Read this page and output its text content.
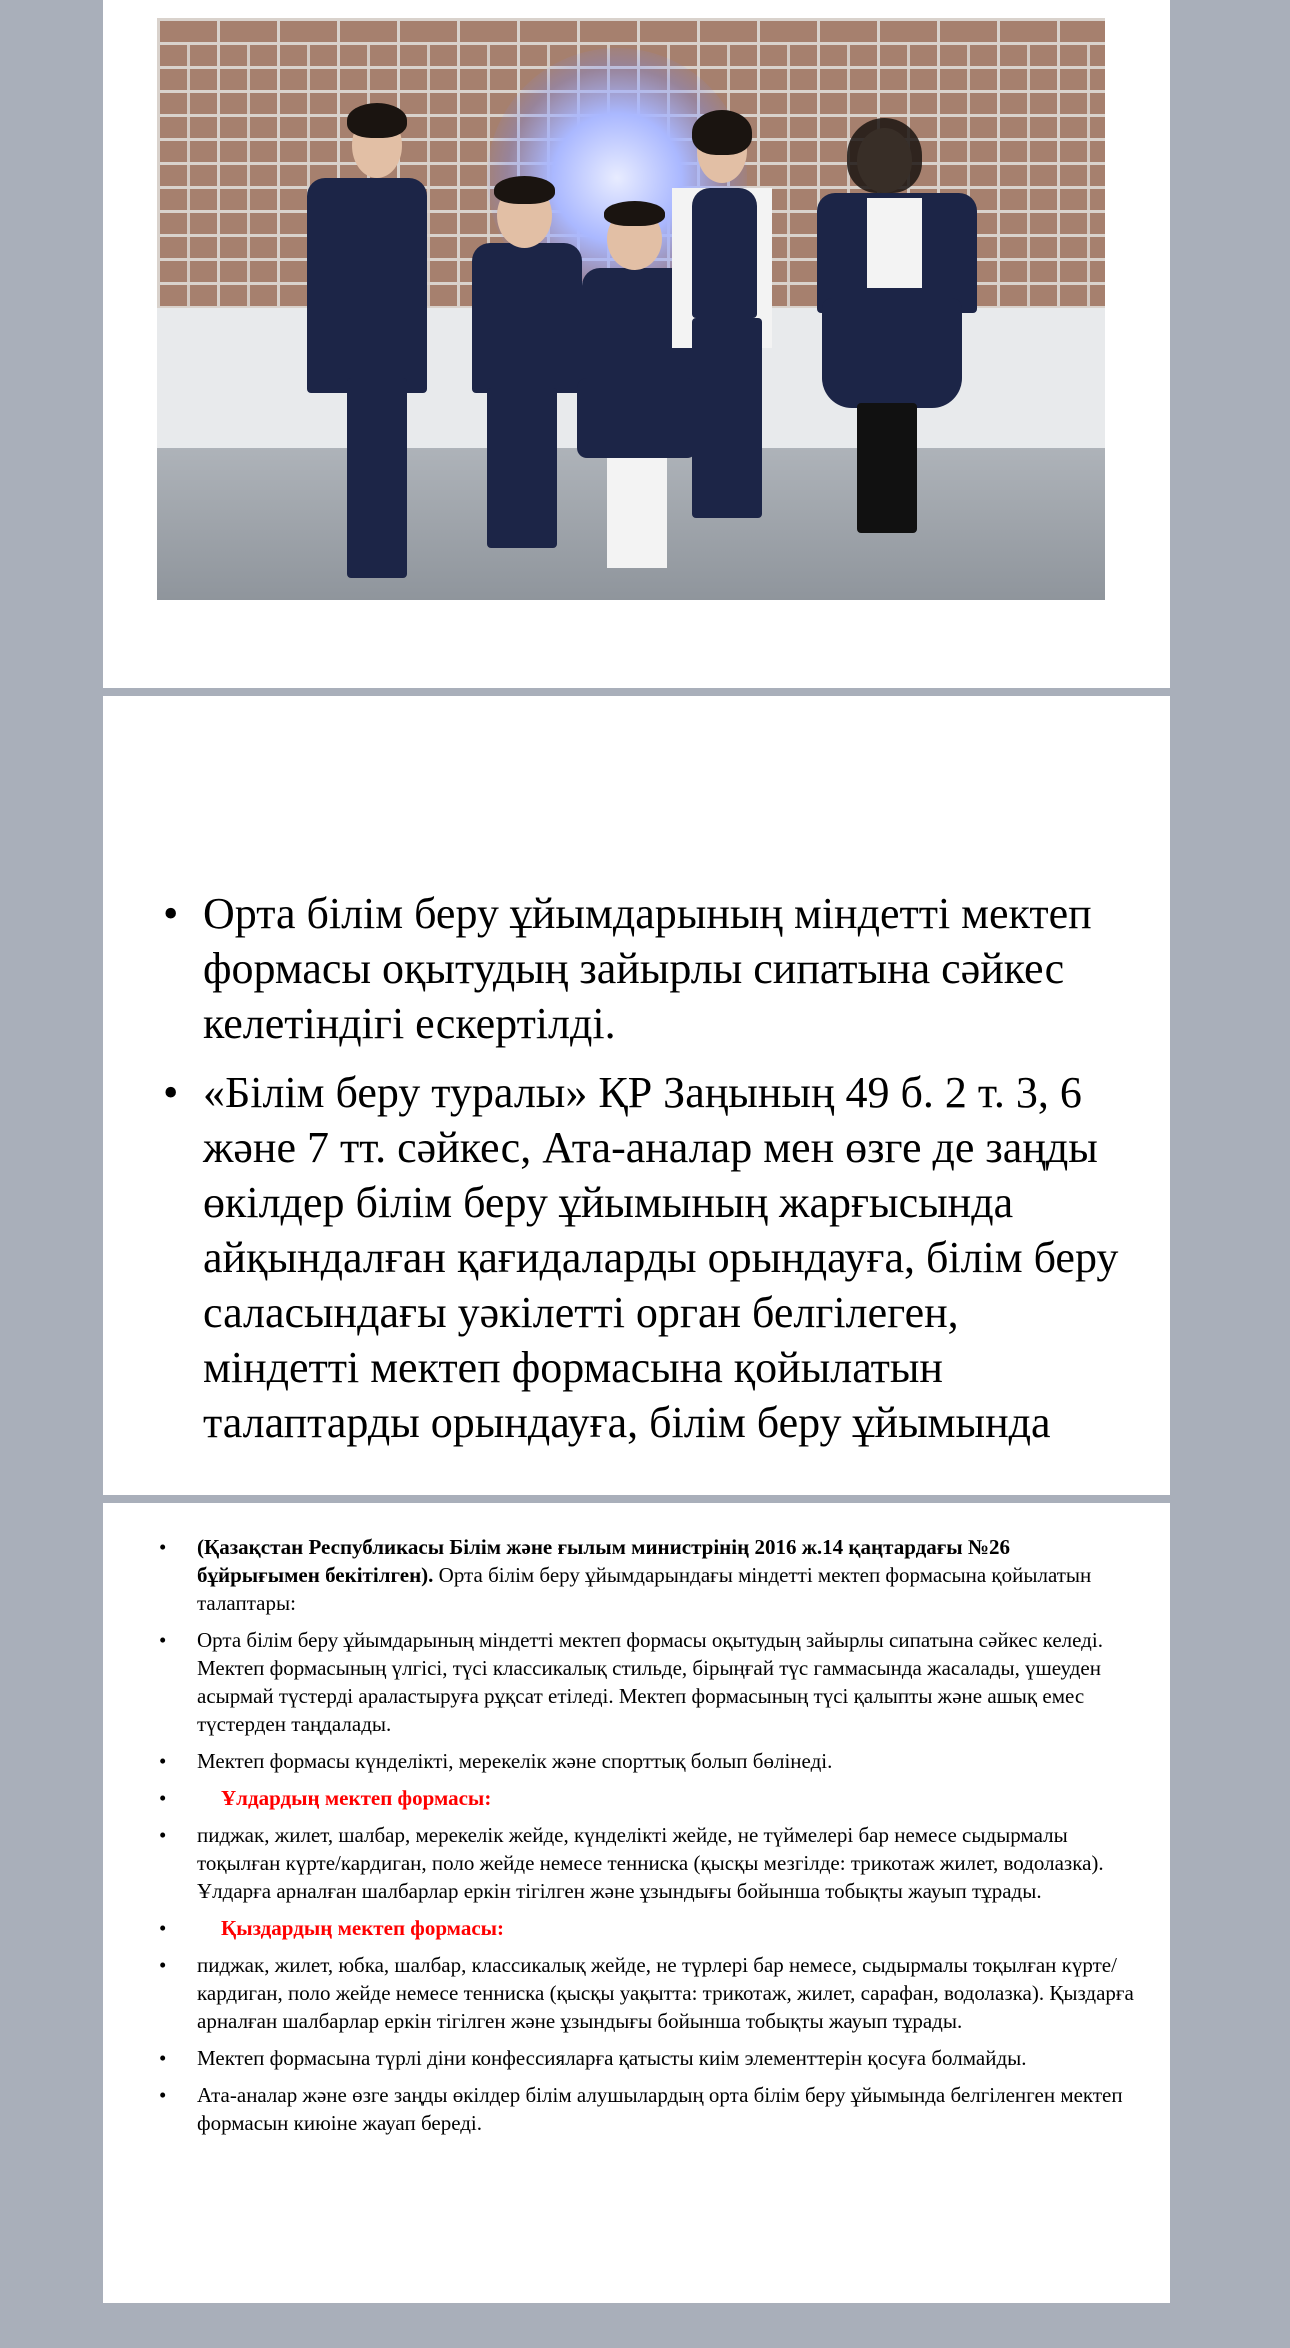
• Орта білім беру ұйымдарының міндетті мектеп формасы оқытудың зайырлы сипатына сәйкес келетіндігі ескертілді.
• «Білім беру туралы» ҚР Заңының 49 б. 2 т. 3, 6 және 7 тт. сәйкес, Ата-аналар мен өзге де заңды өкілдер білім беру ұйымының жарғысында айқындалған қағидаларды орындауға, білім беру саласындағы уәкілетті орган белгілеген, міндетті мектеп формасына қойылатын талаптарды орындауға, білім беру ұйымында
• (Қазақстан Республикасы Білім және ғылым министрінің 2016 ж.14 қаңтардағы №26 бұйрығымен бекітілген). Орта білім беру ұйымдарындағы міндетті мектеп формасына қойылатын талаптары:
• Орта білім беру ұйымдарының міндетті мектеп формасы оқытудың зайырлы сипатына сәйкес келеді. Мектеп формасының үлгісі, түсі классикалық стильде, бірыңғай түс гаммасында жасалады, үшеуден асырмай түстерді араластыруға рұқсат етіледі. Мектеп формасының түсі қалыпты және ашық емес түстерден таңдалады.
• Мектеп формасы күнделікті, мерекелік және спорттық болып бөлінеді.
• Ұлдардың мектеп формасы:
• пиджак, жилет, шалбар, мерекелік жейде, күнделікті жейде, не түймелері бар немесе сыдырмалы тоқылған күрте/кардиган, поло жейде немесе тенниска (қысқы мезгілде: трикотаж жилет, водолазка). Ұлдарға арналған шалбарлар еркін тігілген және ұзындығы бойынша тобықты жауып тұрады.
• Қыздардың мектеп формасы:
• пиджак, жилет, юбка, шалбар, классикалық жейде, не түрлері бар немесе, сыдырмалы тоқылған күрте/ кардиган, поло жейде немесе тенниска (қысқы уақытта: трикотаж, жилет, сарафан, водолазка). Қыздарға арналған шалбарлар еркін тігілген және ұзындығы бойынша тобықты жауып тұрады.
• Мектеп формасына түрлі діни конфессияларға қатысты киім элементтерін қосуға болмайды.
• Ата-аналар және өзге заңды өкілдер білім алушылардың орта білім беру ұйымында белгіленген мектеп формасын киюіне жауап береді.
